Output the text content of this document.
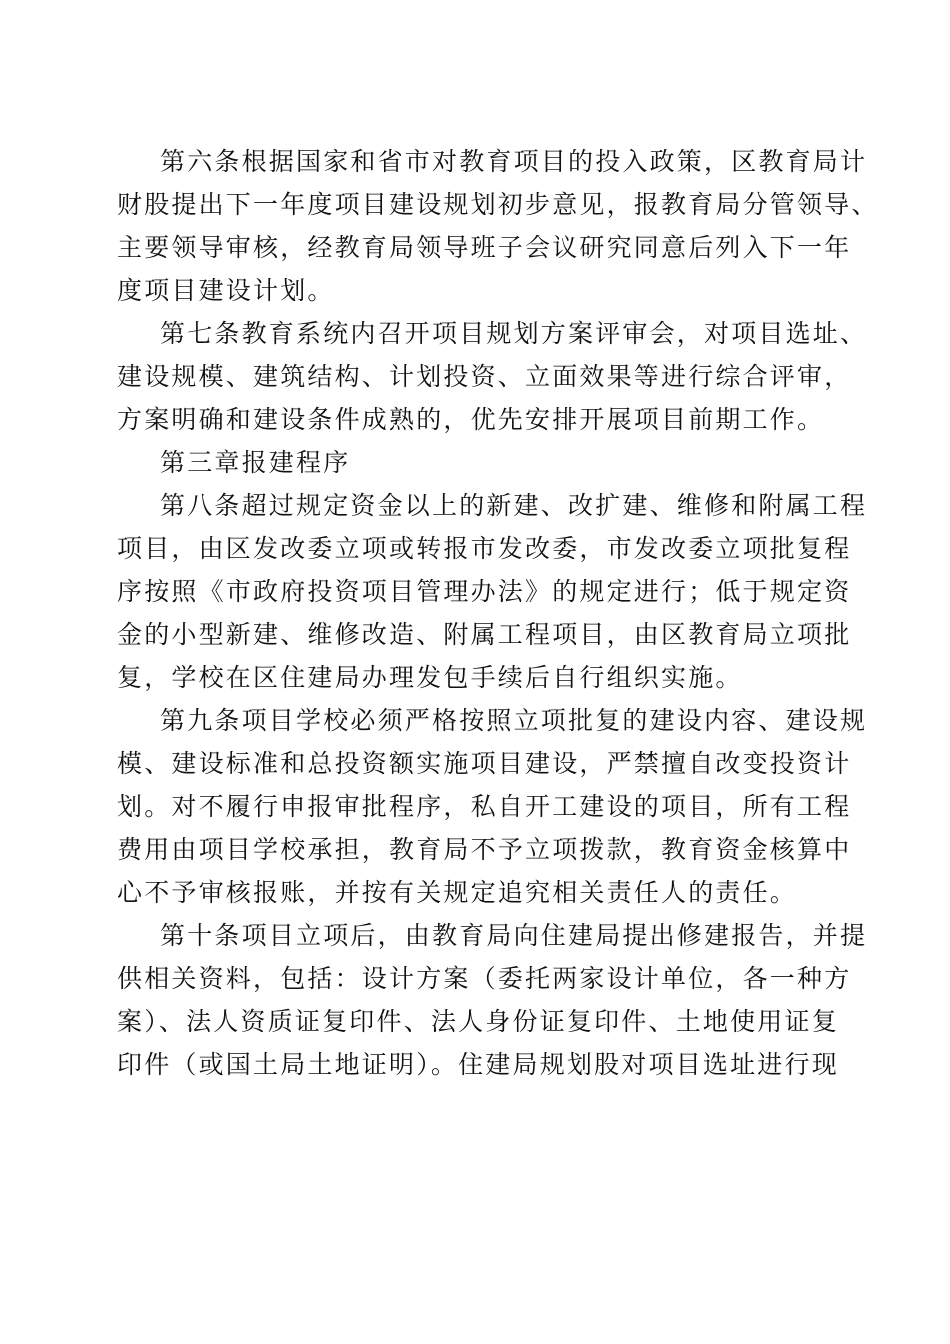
第六条根据国家和省市对教育项目的投入政策，区教育局计
财股提出下一年度项目建设规划初步意见，报教育局分管领导、
主要领导审核，经教育局领导班子会议研究同意后列入下一年
度项目建设计划。
第七条教育系统内召开项目规划方案评审会，对项目选址、
建设规模、建筑结构、计划投资、立面效果等进行综合评审，
方案明确和建设条件成熟的，优先安排开展项目前期工作。
第三章报建程序
第八条超过规定资金以上的新建、改扩建、维修和附属工程
项目，由区发改委立项或转报市发改委，市发改委立项批复程
序按照《市政府投资项目管理办法》的规定进行；低于规定资
金的小型新建、维修改造、附属工程项目，由区教育局立项批
复，学校在区住建局办理发包手续后自行组织实施。
第九条项目学校必须严格按照立项批复的建设内容、建设规
模、建设标准和总投资额实施项目建设，严禁擅自改变投资计
划。对不履行申报审批程序，私自开工建设的项目，所有工程
费用由项目学校承担，教育局不予立项拨款，教育资金核算中
心不予审核报账，并按有关规定追究相关责任人的责任。
第十条项目立项后，由教育局向住建局提出修建报告，并提
供相关资料，包括：设计方案（委托两家设计单位，各一种方
案）、法人资质证复印件、法人身份证复印件、土地使用证复
印件（或国土局土地证明）。住建局规划股对项目选址进行现
